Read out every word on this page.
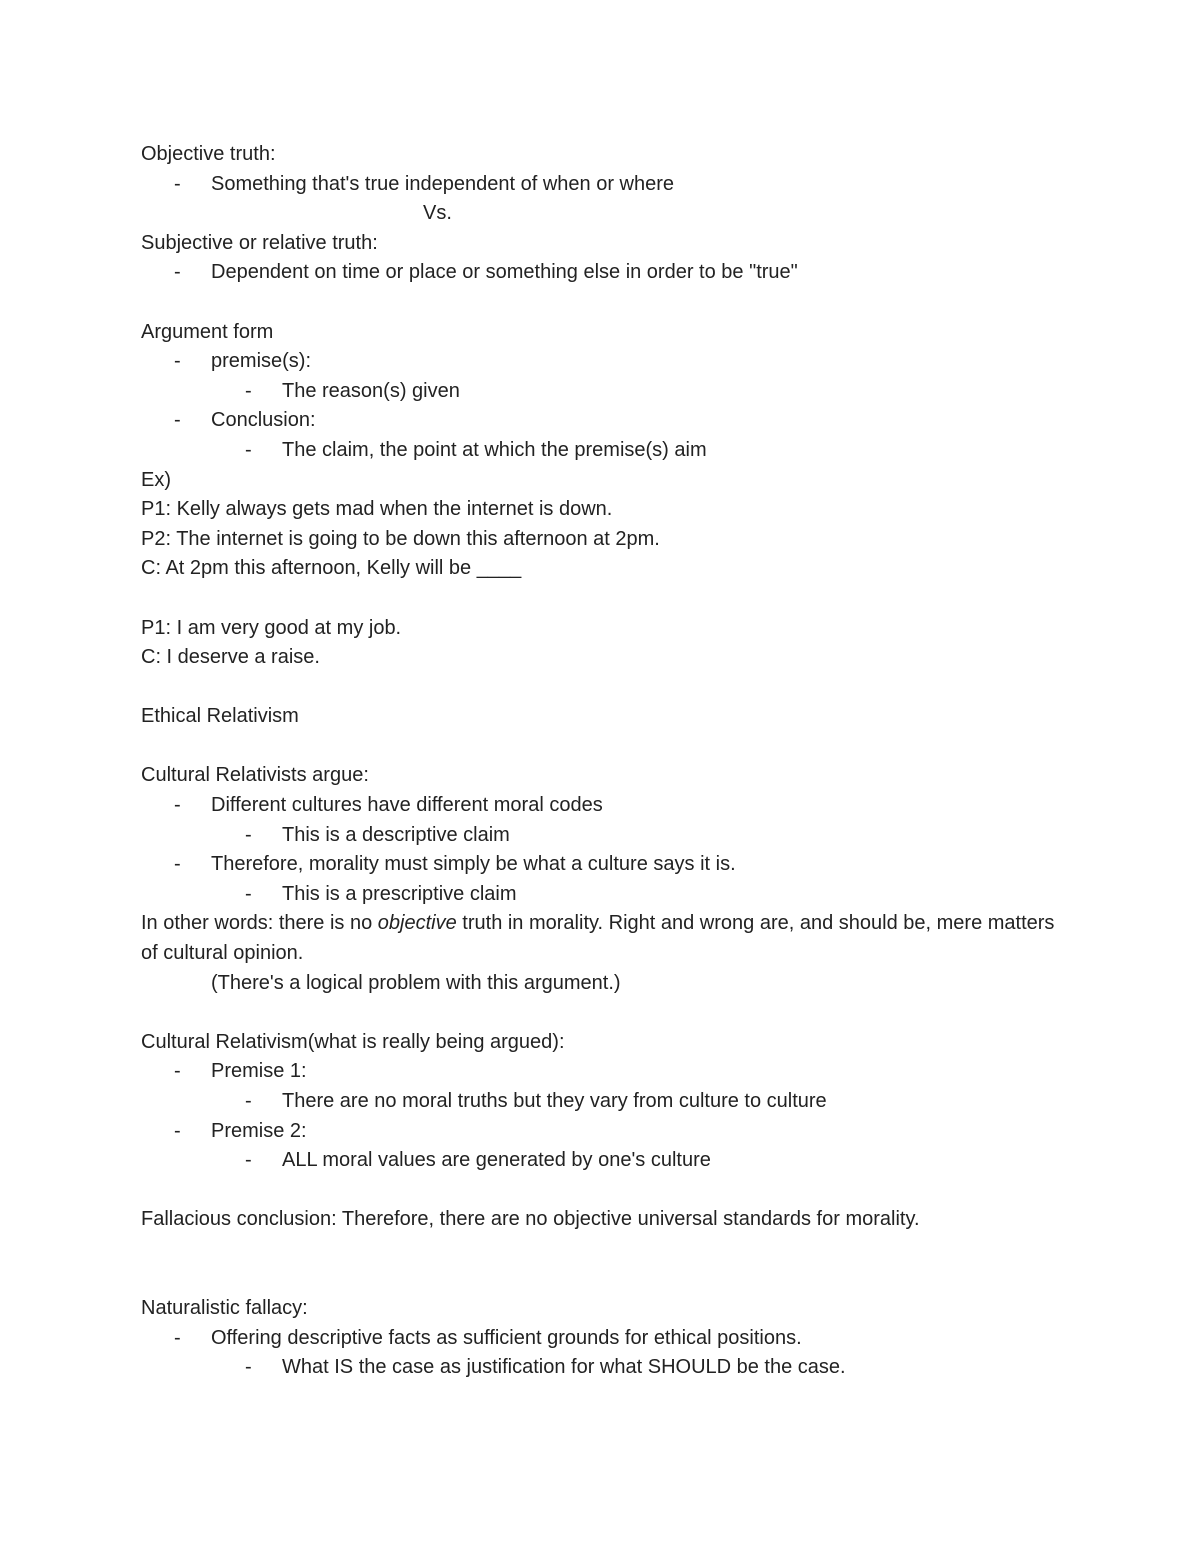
Objective truth:
- Something that's true independent of when or where
Vs.
Subjective or relative truth:
- Dependent on time or place or something else in order to be "true"
Argument form
- premise(s):
- The reason(s) given
- Conclusion:
- The claim, the point at which the premise(s) aim
Ex)
P1: Kelly always gets mad when the internet is down.
P2: The internet is going to be down this afternoon at 2pm.
C: At 2pm this afternoon, Kelly will be ____
P1: I am very good at my job.
C: I deserve a raise.
Ethical Relativism
Cultural Relativists argue:
- Different cultures have different moral codes
- This is a descriptive claim
- Therefore, morality must simply be what a culture says it is.
- This is a prescriptive claim
In other words: there is no objective truth in morality. Right and wrong are, and should be, mere matters of cultural opinion.
(There's a logical problem with this argument.)
Cultural Relativism(what is really being argued):
- Premise 1:
- There are no moral truths but they vary from culture to culture
- Premise 2:
- ALL moral values are generated by one's culture
Fallacious conclusion: Therefore, there are no objective universal standards for morality.
Naturalistic fallacy:
- Offering descriptive facts as sufficient grounds for ethical positions.
- What IS the case as justification for what SHOULD be the case.
